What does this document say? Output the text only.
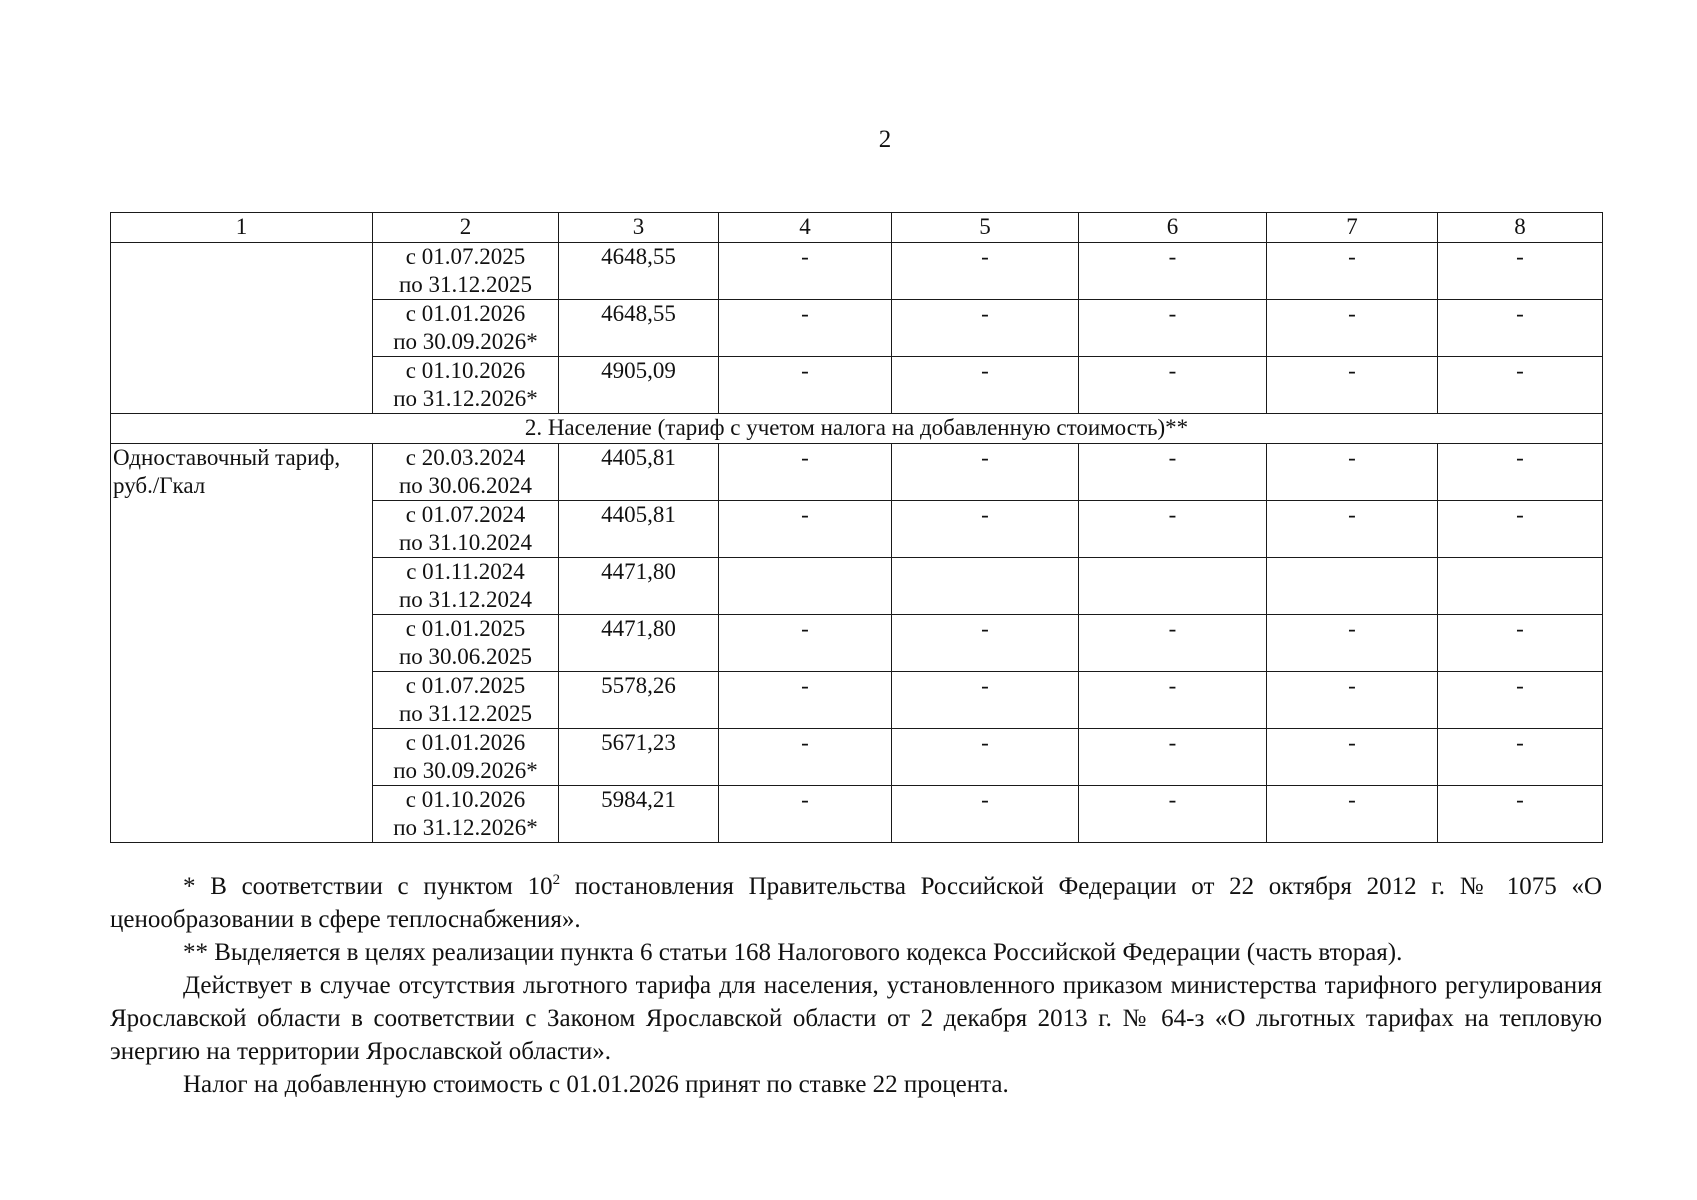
2
1	2	3	4	5	6	7	8

	с 01.07.2025
по 31.12.2025	4648,55	-	-	-	-	-

	с 01.01.2026
по 30.09.2026*	4648,55	-	-	-	-	-

	с 01.10.2026
по 31.12.2026*	4905,09	-	-	-	-	-
2. Население (тариф с учетом налога на добавленную стоимость)**							
Одноставочный тариф, руб./Гкал	с 20.03.2024
по 30.06.2024	4405,81	-	-	-	-	-

	с 01.07.2024
по 31.10.2024	4405,81	-	-	-	-	-

	с 01.11.2024
по 31.12.2024	4471,80					

	с 01.01.2025
по 30.06.2025	4471,80	-	-	-	-	-

	с 01.07.2025
по 31.12.2025	5578,26	-	-	-	-	-

	с 01.01.2026
по 30.09.2026*	5671,23	-	-	-	-	-

	с 01.10.2026
по 31.12.2026*	5984,21	-	-	-	-	-

* В соответствии с пунктом $10^2$ постановления Правительства Российской Федерации от 22 октября 2012 г. № 1075 «О ценообразовании в сфере теплоснабжения».

** Выделяется в целях реализации пункта 6 статьи 168 Налогового кодекса Российской Федерации (часть вторая).

Действует в случае отсутствия льготного тарифа для населения, установленного приказом министерства тарифного регулирования Ярославской области в соответствии с Законом Ярославской области от 2 декабря 2013 г. № 64-з «О льготных тарифах на тепловую энергию на территории Ярославской области».

Налог на добавленную стоимость с 01.01.2026 принят по ставке 22 процента.
